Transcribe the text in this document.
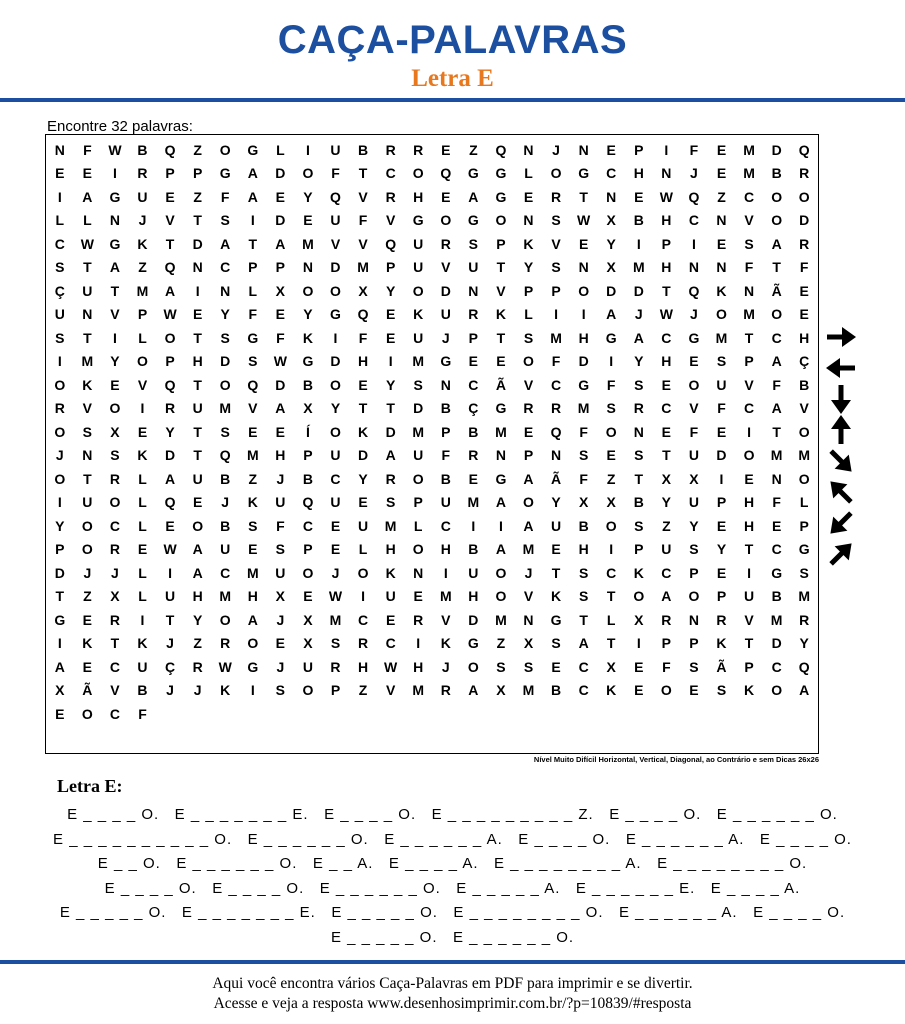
CAÇA-PALAVRAS
Letra E
Encontre 32 palavras:
N	F	W	B	Q	Z	O	G	L	I	U	B	R	R	E	Z	Q	N	J	N	E	P	I	F	E	M	D	Q
E	E	I	R	P	P	G	A	D	O	F	T	C	O	Q	G	G	L	O	G	C	H	N	J	E	M	B	R
I	A	G	U	E	Z	F	A	E	Y	Q	V	R	H	E	A	G	E	R	T	N	E	W	Q	Z	C	O	O
L	L	N	J	V	T	S	I	D	E	U	F	V	G	O	G	O	N	S	W	X	B	H	C	N	V	O	D
C	W	G	K	T	D	A	T	A	M	V	V	Q	U	R	S	P	K	V	E	Y	I	P	I	E	S	A	R
S	T	A	Z	Q	N	C	P	P	N	D	M	P	U	V	U	T	Y	S	N	X	M	H	N	N	F	T	F
Ç	U	T	M	A	I	N	L	X	O	O	X	Y	O	D	N	V	P	P	O	D	D	T	Q	K	N	Ã	E
U	N	V	P	W	E	Y	F	E	Y	G	Q	E	K	U	R	K	L	I	I	A	J	W	J	O	M	O	E
S	T	I	L	O	T	S	G	F	K	I	F	E	U	J	P	T	S	M	H	G	A	C	G	M	T	C	H
I	M	Y	O	P	H	D	S	W	G	D	H	I	M	G	E	E	O	F	D	I	Y	H	E	S	P	A	Ç
O	K	E	V	Q	T	O	Q	D	B	O	E	Y	S	N	C	Ã	V	C	G	F	S	E	O	U	V	F	B
R	V	O	I	R	U	M	V	A	X	Y	T	T	D	B	Ç	G	R	R	M	S	R	C	V	F	C	A	V
O	S	X	E	Y	T	S	E	E	Í	O	K	D	M	P	B	M	E	Q	F	O	N	E	F	E	I	T	O
J	N	S	K	D	T	Q	M	H	P	U	D	A	U	F	R	N	P	N	S	E	S	T	U	D	O	M	M
O	T	R	L	A	U	B	Z	J	B	C	Y	R	O	B	E	G	A	Ã	F	Z	T	X	X	I	E	N	O
I	U	O	L	Q	E	J	K	U	Q	U	E	S	P	U	M	A	O	Y	X	X	B	Y	U	P	H	F	L
Y	O	C	L	E	O	B	S	F	C	E	U	M	L	C	I	I	A	U	B	O	S	Z	Y	E	H	E	P
P	O	R	E	W	A	U	E	S	P	E	L	H	O	H	B	A	M	E	H	I	P	U	S	Y	T	C	G
D	J	J	L	I	A	C	M	U	O	J	O	K	N	I	U	O	J	T	S	C	K	C	P	E	I	G	S
T	Z	X	L	U	H	M	H	X	E	W	I	U	E	M	H	O	V	K	S	T	O	A	O	P	U	B	M
G	E	R	I	T	Y	O	A	J	X	M	C	E	R	V	D	M	N	G	T	L	X	R	N	R	V	M	R
I	K	T	K	J	Z	R	O	E	X	S	R	C	I	K	G	Z	X	S	A	T	I	P	P	K	T	D	Y
A	E	C	U	Ç	R	W	G	J	U	R	H	W	H	J	O	S	S	E	C	X	E	F	S	Ã	P	C	Q
X	Ã	V	B	J	J	K	I	S	O	P	Z	V	M	R	A	X	M	B	C	K	E	O	E	S	K	O	A
E	O	C	F
Nível Muito Difícil Horizontal, Vertical, Diagonal, ao Contrário e sem Dicas 26x26
Letra E:
E _ _ _ _ O.   E _ _ _ _ _ _ _ E.   E _ _ _ _ O.   E _ _ _ _ _ _ _ _ _ Z.   E _ _ _ _ O.   E _ _ _ _ _ _ O.
E _ _ _ _ _ _ _ _ _ _ O.   E _ _ _ _ _ _ O.   E _ _ _ _ _ _ A.   E _ _ _ _ O.   E _ _ _ _ _ _ A.   E _ _ _ _ O.
E _ _ O.   E _ _ _ _ _ _ O.   E _ _ A.   E _ _ _ _ A.   E _ _ _ _ _ _ _ _ A.   E _ _ _ _ _ _ _ _ O.
E _ _ _ _ O.   E _ _ _ _ O.   E _ _ _ _ _ _ O.   E _ _ _ _ _ A.   E _ _ _ _ _ _ E.   E _ _ _ _ A.
E _ _ _ _ _ O.   E _ _ _ _ _ _ _ E.   E _ _ _ _ _ O.   E _ _ _ _ _ _ _ _ O.   E _ _ _ _ _ _ A.   E _ _ _ _ O.
E _ _ _ _ _ O.   E _ _ _ _ _ _ O.
Aqui você encontra vários Caça-Palavras em PDF para imprimir e se divertir.
Acesse e veja a resposta www.desenhosimprimir.com.br/?p=10839/#resposta
